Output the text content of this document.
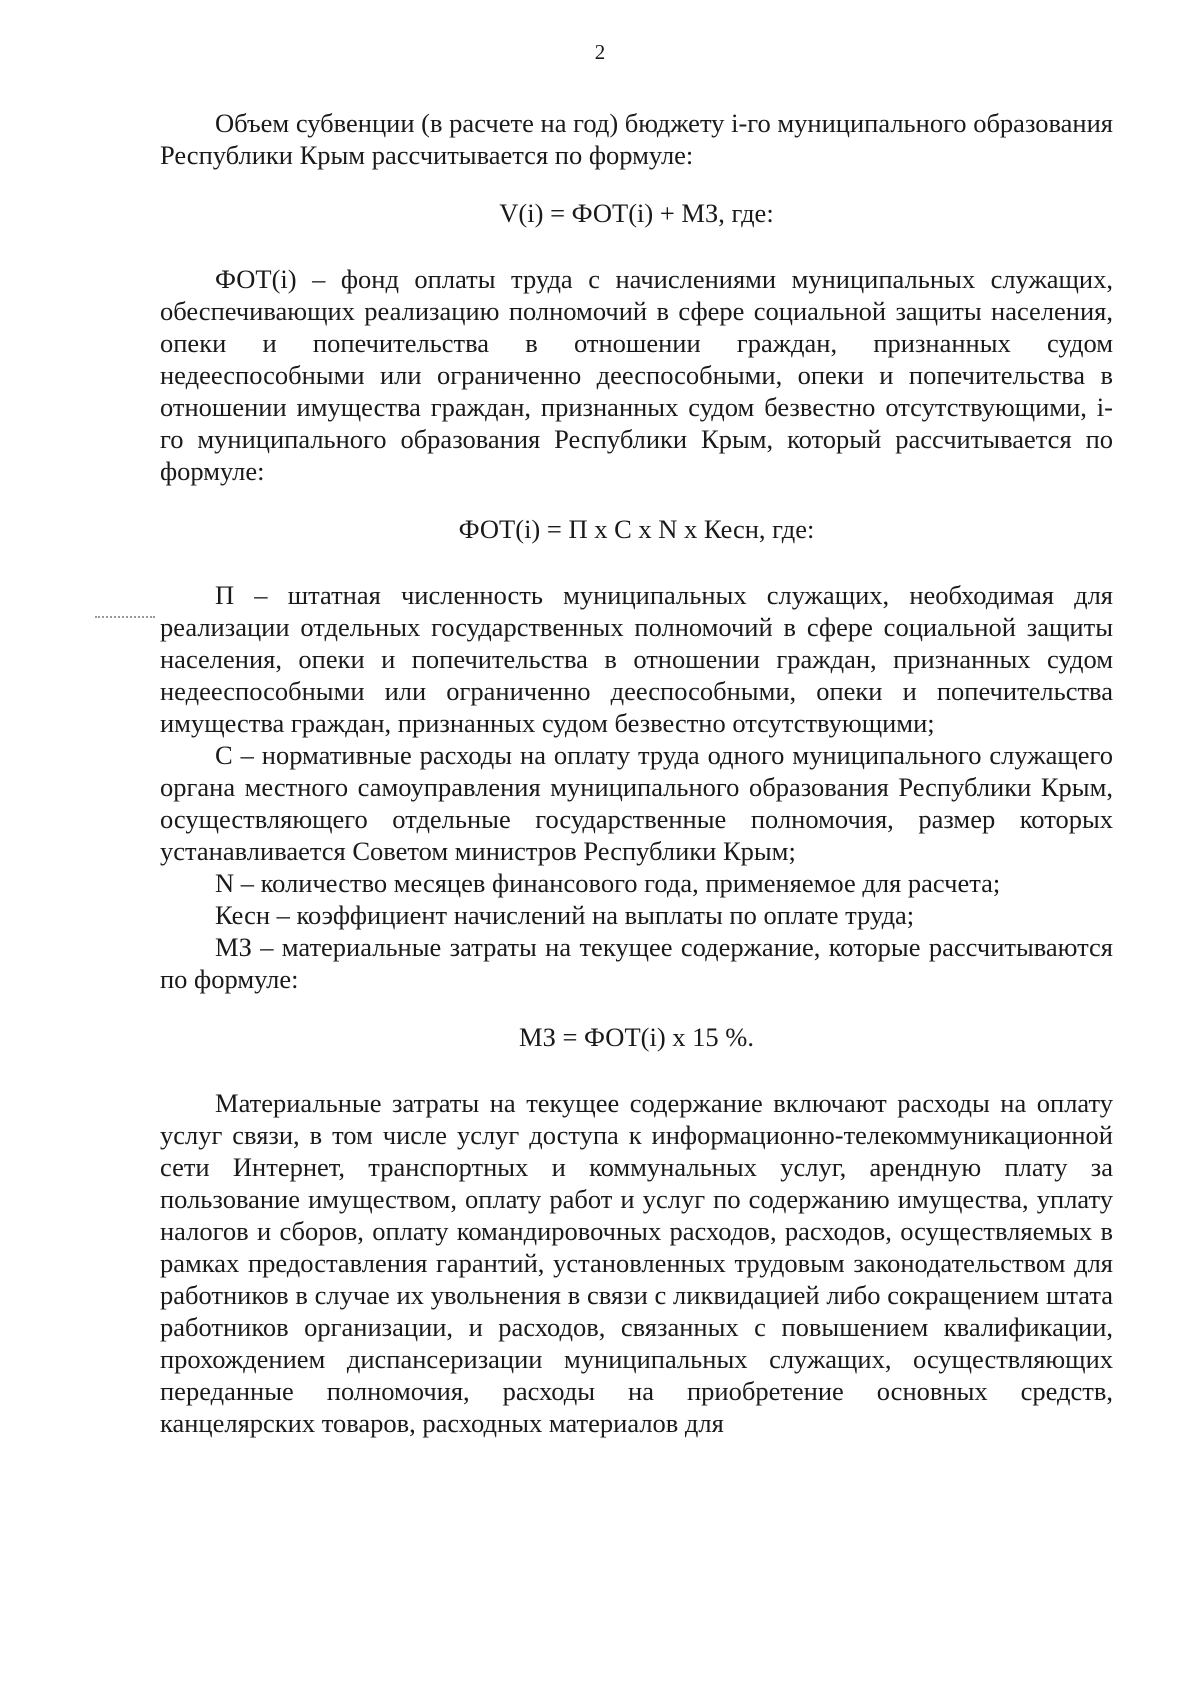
2

Объем субвенции (в расчете на год) бюджету i-го муниципального образования Республики Крым рассчитывается по формуле:

V(i) = ФОТ(i) + МЗ, где:

ФОТ(i) – фонд оплаты труда с начислениями муниципальных служащих, обеспечивающих реализацию полномочий в сфере социальной защиты населения, опеки и попечительства в отношении граждан, признанных судом недееспособными или ограниченно дееспособными, опеки и попечительства в отношении имущества граждан, признанных судом безвестно отсутствующими, i-го муниципального образования Республики Крым, который рассчитывается по формуле:

ФОТ(i) = П х С х N х Кесн, где:

П – штатная численность муниципальных служащих, необходимая для реализации отдельных государственных полномочий в сфере социальной защиты населения, опеки и попечительства в отношении граждан, признанных судом недееспособными или ограниченно дееспособными, опеки и попечительства имущества граждан, признанных судом безвестно отсутствующими;

С – нормативные расходы на оплату труда одного муниципального служащего органа местного самоуправления муниципального образования Республики Крым, осуществляющего отдельные государственные полномочия, размер которых устанавливается Советом министров Республики Крым;

N – количество месяцев финансового года, применяемое для расчета;

Кесн – коэффициент начислений на выплаты по оплате труда;

МЗ – материальные затраты на текущее содержание, которые рассчитываются по формуле:

МЗ = ФОТ(i) х 15 %.

Материальные затраты на текущее содержание включают расходы на оплату услуг связи, в том числе услуг доступа к информационно-телекоммуникационной сети Интернет, транспортных и коммунальных услуг, арендную плату за пользование имуществом, оплату работ и услуг по содержанию имущества, уплату налогов и сборов, оплату командировочных расходов, расходов, осуществляемых в рамках предоставления гарантий, установленных трудовым законодательством для работников в случае их увольнения в связи с ликвидацией либо сокращением штата работников организации, и расходов, связанных с повышением квалификации, прохождением диспансеризации муниципальных служащих, осуществляющих переданные полномочия, расходы на приобретение основных средств, канцелярских товаров, расходных материалов для
